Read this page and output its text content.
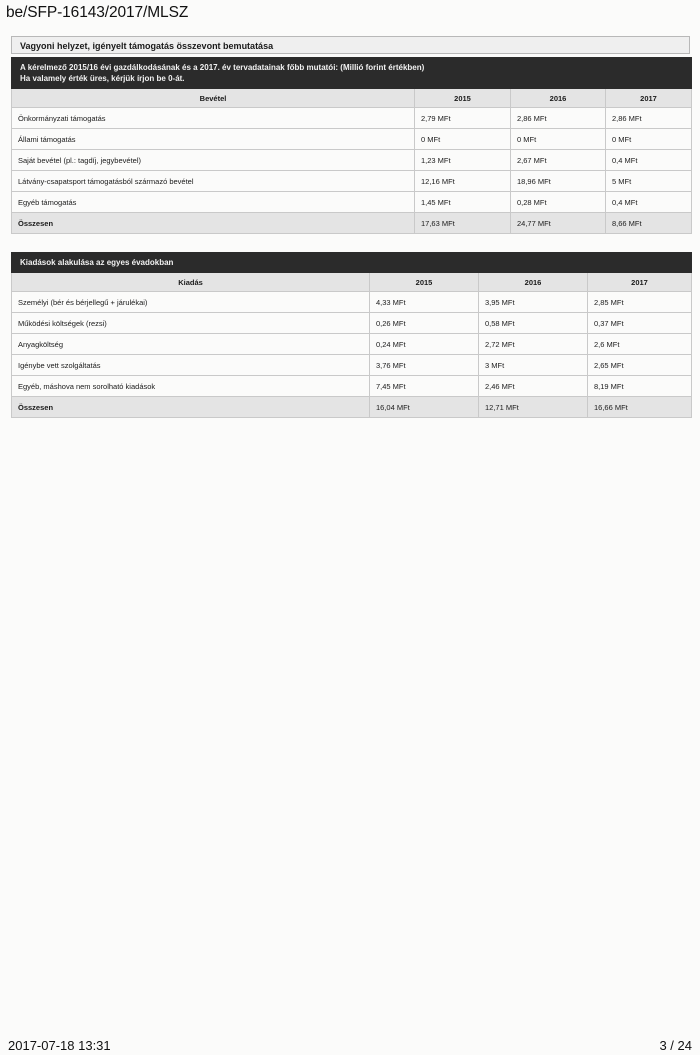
be/SFP-16143/2017/MLSZ
Vagyoni helyzet, igényelt támogatás összevont bemutatása
A kérelmező 2015/16 évi gazdálkodásának és a 2017. év tervadatainak főbb mutatói: (Millió forint értékben)
Ha valamely érték üres, kérjük írjon be 0-át.			

Bevétel	2015	2016	2017
Önkormányzati támogatás	2,79 MFt	2,86 MFt	2,86 MFt
Állami támogatás	0 MFt	0 MFt	0 MFt
Saját bevétel (pl.: tagdíj, jegybevétel)	1,23 MFt	2,67 MFt	0,4 MFt
Látvány-csapatsport támogatásból származó bevétel	12,16 MFt	18,96 MFt	5 MFt
Egyéb támogatás	1,45 MFt	0,28 MFt	0,4 MFt
Összesen	17,63 MFt	24,77 MFt	8,66 MFt
Kiadások alakulása az egyes évadokban			
Kiadás	2015	2016	2017
Személyi (bér és bérjellegű + járulékai)	4,33 MFt	3,95 MFt	2,85 MFt
Működési költségek (rezsi)	0,26 MFt	0,58 MFt	0,37 MFt
Anyagköltség	0,24 MFt	2,72 MFt	2,6 MFt
Igénybe vett szolgáltatás	3,76 MFt	3 MFt	2,65 MFt
Egyéb, máshova nem sorolható kiadások	7,45 MFt	2,46 MFt	8,19 MFt
Összesen	16,04 MFt	12,71 MFt	16,66 MFt
2017-07-18 13:31	3 / 24
